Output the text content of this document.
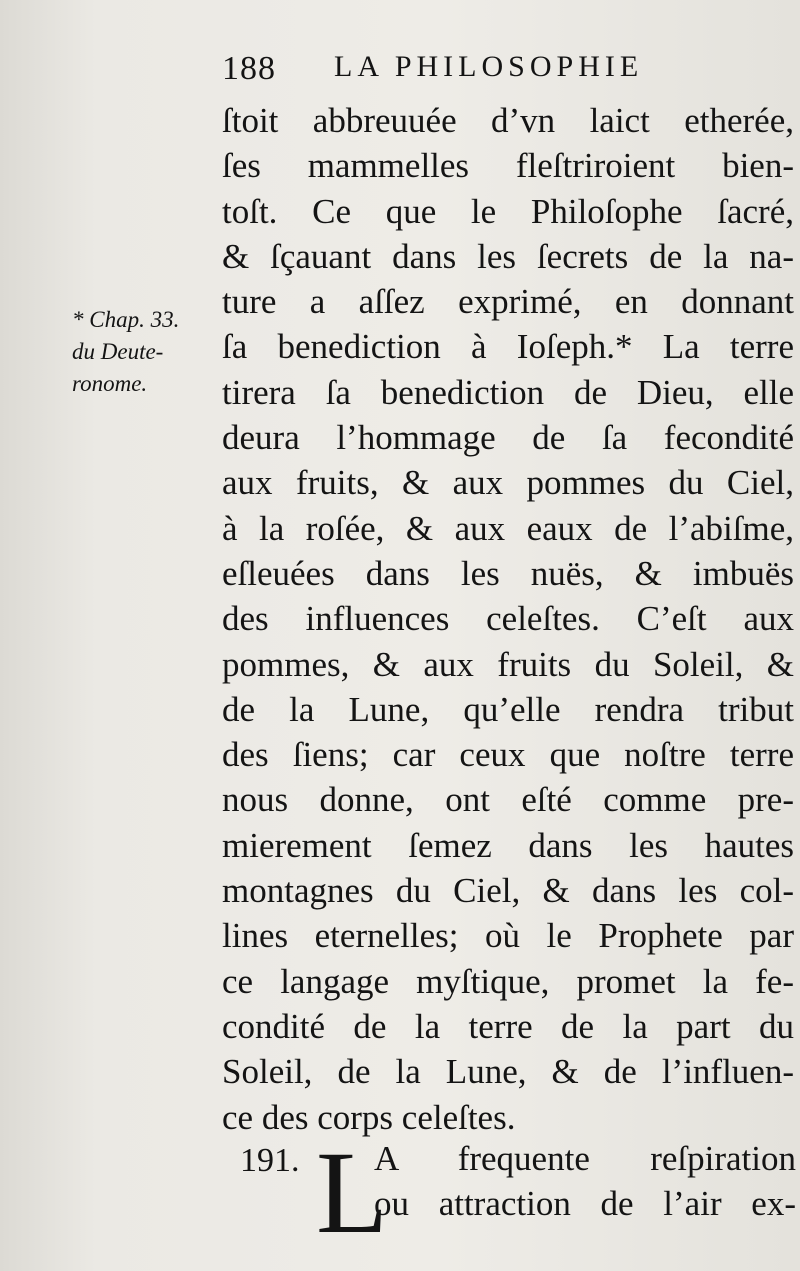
188 LA PHILOSOPHIE
* Chap. 33.
du Deute-
ronome.
ſtoit abbreuuée d’vn laict etherée,
ſes mammelles fleſtriroient bien-
toſt. Ce que le Philoſophe ſacré,
& ſçauant dans les ſecrets de la na-
ture a aſſez exprimé, en donnant
ſa benediction à Ioſeph.* La terre
tirera ſa benediction de Dieu, elle
deura l’hommage de ſa fecondité
aux fruits, & aux pommes du Ciel,
à la roſée, & aux eaux de l’abiſme,
eſleuées dans les nuës, & imbuës
des influences celeſtes. C’eſt aux
pommes, & aux fruits du Soleil, &
de la Lune, qu’elle rendra tribut
des ſiens; car ceux que noſtre terre
nous donne, ont eſté comme pre-
mierement ſemez dans les hautes
montagnes du Ciel, & dans les col-
lines eternelles; où le Prophete par
ce langage myſtique, promet la fe-
condité de la terre de la part du
Soleil, de la Lune, & de l’influen-
ce des corps celeſtes.
191. L
A frequente reſpiration
ou attraction de l’air ex-
